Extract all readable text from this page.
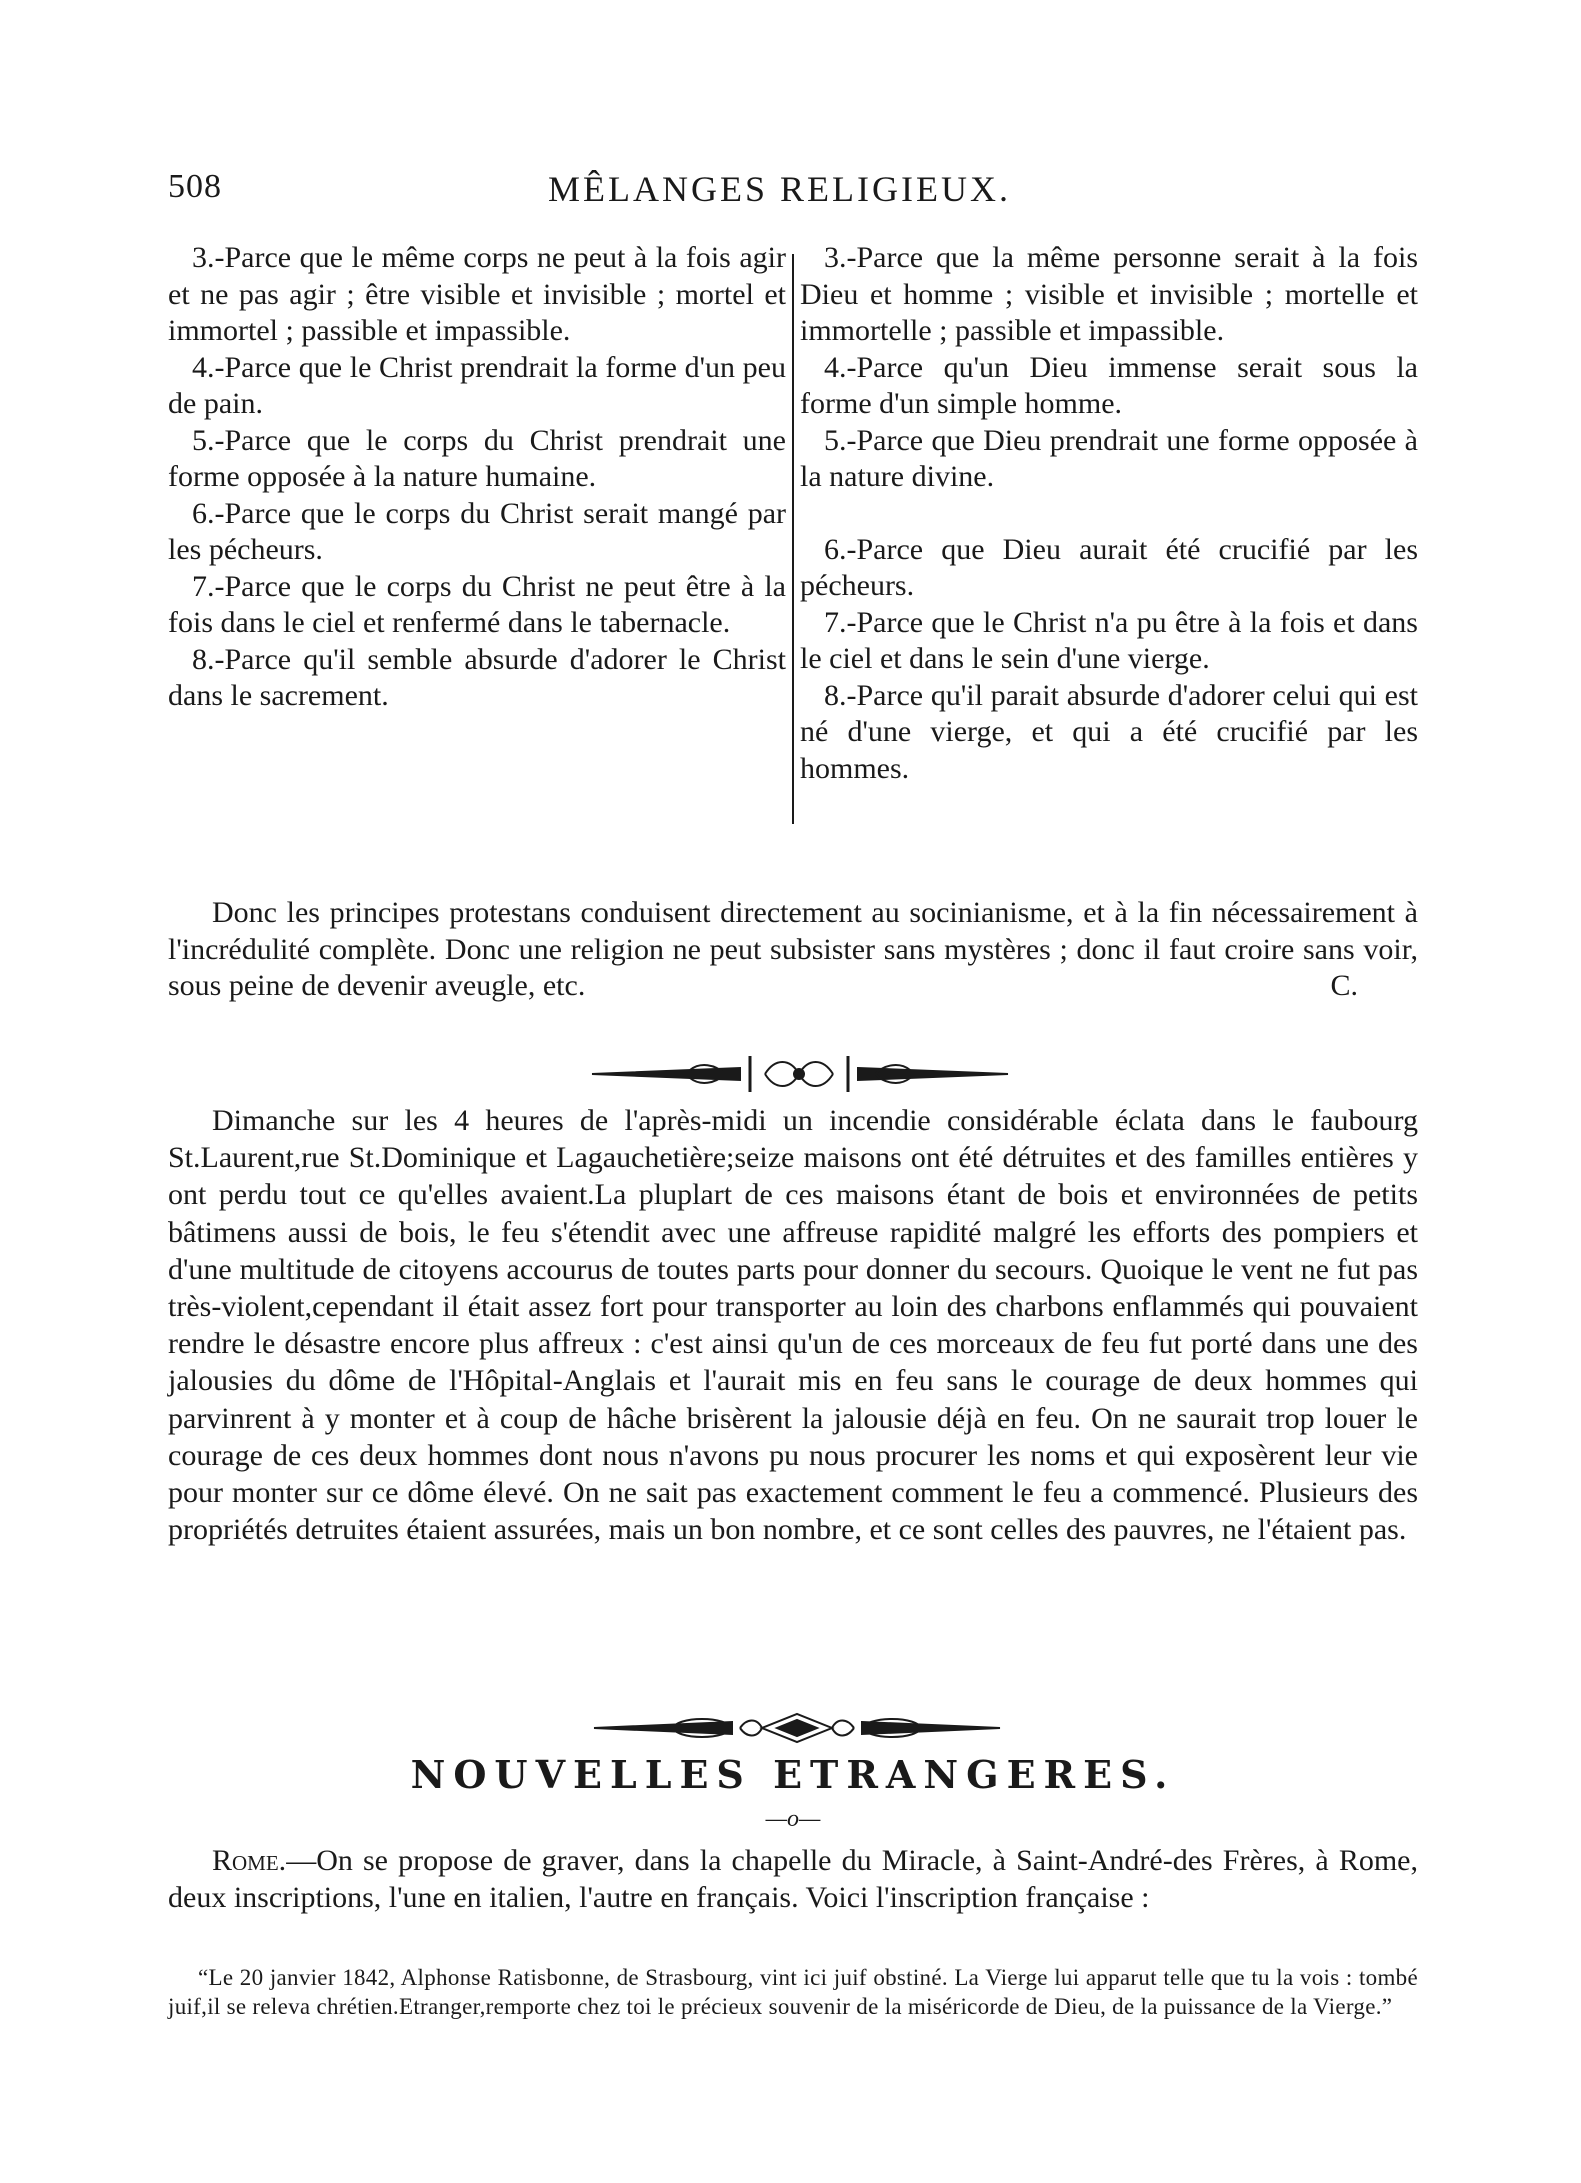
508	MÊLANGES RELIGIEUX.

3.-Parce que le même corps ne peut à la fois agir et ne pas agir ; être visible et invisible ; mortel et immortel ; passible et impassible.

4.-Parce que le Christ prendrait la forme d'un peu de pain.

5.-Parce que le corps du Christ prendrait une forme opposée à la nature humaine.

6.-Parce que le corps du Christ serait mangé par les pécheurs.

7.-Parce que le corps du Christ ne peut être à la fois dans le ciel et renfermé dans le tabernacle.

8.-Parce qu'il semble absurde d'adorer le Christ dans le sacrement.

3.-Parce que la même personne serait à la fois Dieu et homme ; visible et invisible ; mortelle et immortelle ; passible et impassible.

4.-Parce qu'un Dieu immense serait sous la forme d'un simple homme.

5.-Parce que Dieu prendrait une forme opposée à la nature divine.

6.-Parce que Dieu aurait été crucifié par les pécheurs.

7.-Parce que le Christ n'a pu être à la fois et dans le ciel et dans le sein d'une vierge.

8.-Parce qu'il parait absurde d'adorer celui qui est né d'une vierge, et qui a été crucifié par les hommes.

Donc les principes protestans conduisent directement au socinianisme, et à la fin nécessairement à l'incrédulité complète. Donc une religion ne peut subsister sans mystères ; donc il faut croire sans voir, sous peine de devenir aveugle, etc.	C.

Dimanche sur les 4 heures de l'après-midi un incendie considérable éclata dans le faubourg St.Laurent,rue St.Dominique et Lagauchetière;seize maisons ont été détruites et des familles entières y ont perdu tout ce qu'elles avaient.La pluplart de ces maisons étant de bois et environnées de petits bâtimens aussi de bois, le feu s'étendit avec une affreuse rapidité malgré les efforts des pompiers et d'une multitude de citoyens accourus de toutes parts pour donner du secours. Quoique le vent ne fut pas très-violent,cependant il était assez fort pour transporter au loin des charbons enflammés qui pouvaient rendre le désastre encore plus affreux : c'est ainsi qu'un de ces morceaux de feu fut porté dans une des jalousies du dôme de l'Hôpital-Anglais et l'aurait mis en feu sans le courage de deux hommes qui parvinrent à y monter et à coup de hâche brisèrent la jalousie déjà en feu. On ne saurait trop louer le courage de ces deux hommes dont nous n'avons pu nous procurer les noms et qui exposèrent leur vie pour monter sur ce dôme élevé. On ne sait pas exactement comment le feu a commencé. Plusieurs des propriétés detruites étaient assurées, mais un bon nombre, et ce sont celles des pauvres, ne l'étaient pas.

NOUVELLES ETRANGERES.
—o—

Rome.—On se propose de graver, dans la chapelle du Miracle, à Saint-André-des Frères, à Rome, deux inscriptions, l'une en italien, l'autre en français. Voici l'inscription française :

“Le 20 janvier 1842, Alphonse Ratisbonne, de Strasbourg, vint ici juif obstiné. La Vierge lui apparut telle que tu la vois : tombé juif,il se releva chrétien.Etranger,remporte chez toi le précieux souvenir de la miséricorde de Dieu, de la puissance de la Vierge.”
